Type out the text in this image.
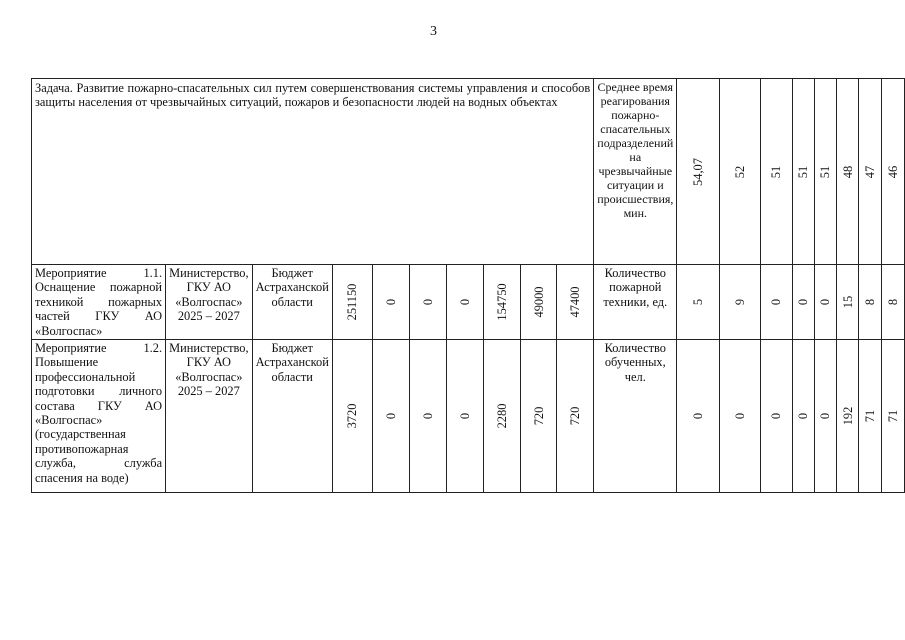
3
Задача. Развитие пожарно-спасательных сил путем совершенствования системы управления и способов защиты населения от чрезвычайных ситуаций, пожаров и безопасности людей на водных объектах										Среднее время реагирования пожарно-спасательных подразделений на чрезвычайные ситуации и происшествия, мин.	54,07	52	51	51	51	48	47	46

Мероприятие 1.1. Оснащение пожарной техникой пожарных частей ГКУ АО «Волгоспас»	Министерство, ГКУ АО «Волгоспас» 2025 – 2027	Бюджет Астраханской области	251150	0	0	0	154750	49000	47400	Количество пожарной техники, ед.	5	9	0	0	0	15	8	8

Мероприятие 1.2. Повышение профессиональной подготовки личного состава ГКУ АО «Волгоспас» (государственная противопожарная служба, служба спасения на воде)	Министерство, ГКУ АО «Волгоспас» 2025 – 2027	Бюджет Астраханской области	3720	0	0	0	2280	720	720	Количество обученных, чел.	0	0	0	0	0	192	71	71
